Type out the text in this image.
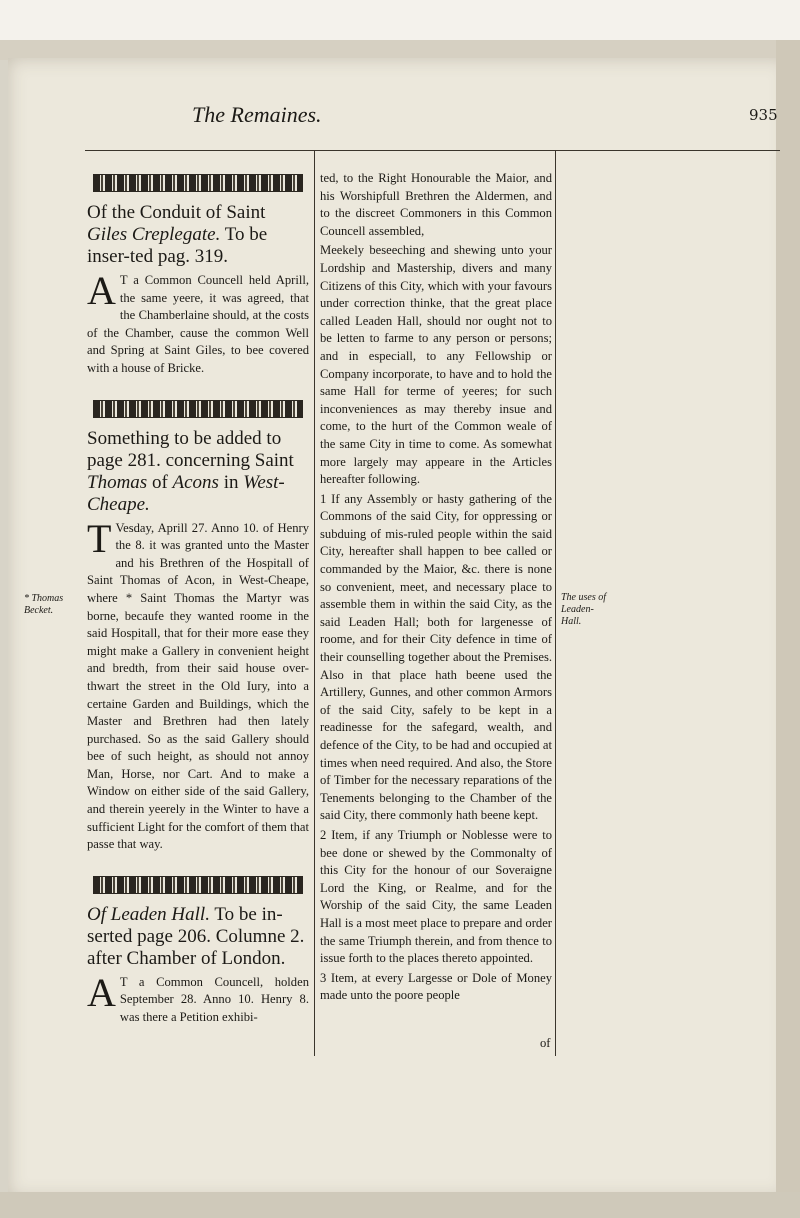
The Remaines.	935
Of the Conduit of Saint Giles Creplegate. To be inser-ted pag. 319.

A T a Common Councell held Aprill, the same yeere, it was agreed, that the Chamberlaine should, at the costs of the Chamber, cause the common Well and Spring at Saint Giles, to bee covered with a house of Bricke.

Something to be added to page 281. concerning Saint Thomas of Acons in West-Cheape.

T Vesday, Aprill 27. Anno 10. of Henry the 8. it was granted unto the Master and his Brethren of the Hospitall of Saint Thomas of Acon, in West-Cheape, where * Saint Thomas the Martyr was borne, becaufe they wanted roome in the said Hospitall, that for their more ease they might make a Gallery in convenient height and bredth, from their said house over-thwart the street in the Old Iury, into a certaine Garden and Buildings, which the Master and Brethren had then lately purchased. So as the said Gallery should bee of such height, as should not annoy Man, Horse, nor Cart. And to make a Window on either side of the said Gallery, and therein yeerely in the Winter to have a sufficient Light for the comfort of them that passe that way.

Of Leaden Hall. To be in-serted page 206. Columne 2. after Chamber of London.

A T a Common Councell, holden September 28. Anno 10. Henry 8. was there a Petition exhibi-

ted, to the Right Honourable the Maior, and his Worshipfull Brethren the Aldermen, and to the discreet Commoners in this Common Councell assembled,

Meekely beseeching and shewing unto your Lordship and Mastership, divers and many Citizens of this City, which with your favours under correction thinke, that the great place called Leaden Hall, should nor ought not to be letten to farme to any person or persons; and in especiall, to any Fellowship or Company incorporate, to have and to hold the same Hall for terme of yeeres; for such inconveniences as may thereby insue and come, to the hurt of the Common weale of the same City in time to come. As somewhat more largely may appeare in the Articles hereafter following.

1 If any Assembly or hasty gathering of the Commons of the said City, for oppressing or subduing of mis-ruled people within the said City, hereafter shall happen to bee called or commanded by the Maior, &c. there is none so convenient, meet, and necessary place to assemble them in within the said City, as the said Leaden Hall; both for largenesse of roome, and for their City defence in time of their counselling together about the Premises. Also in that place hath beene used the Artillery, Gunnes, and other common Armors of the said City, safely to be kept in a readinesse for the safegard, wealth, and defence of the City, to be had and occupied at times when need required. And also, the Store of Timber for the necessary reparations of the Tenements belonging to the Chamber of the said City, there commonly hath beene kept.

2 Item, if any Triumph or Noblesse were to bee done or shewed by the Commonalty of this City for the honour of our Soveraigne Lord the King, or Realme, and for the Worship of the said City, the same Leaden Hall is a most meet place to prepare and order the same Triumph therein, and from thence to issue forth to the places thereto appointed.

3 Item, at every Largesse or Dole of Money made unto the poore people

of
* Thomas Becket.
The uses of Leaden-Hall.
